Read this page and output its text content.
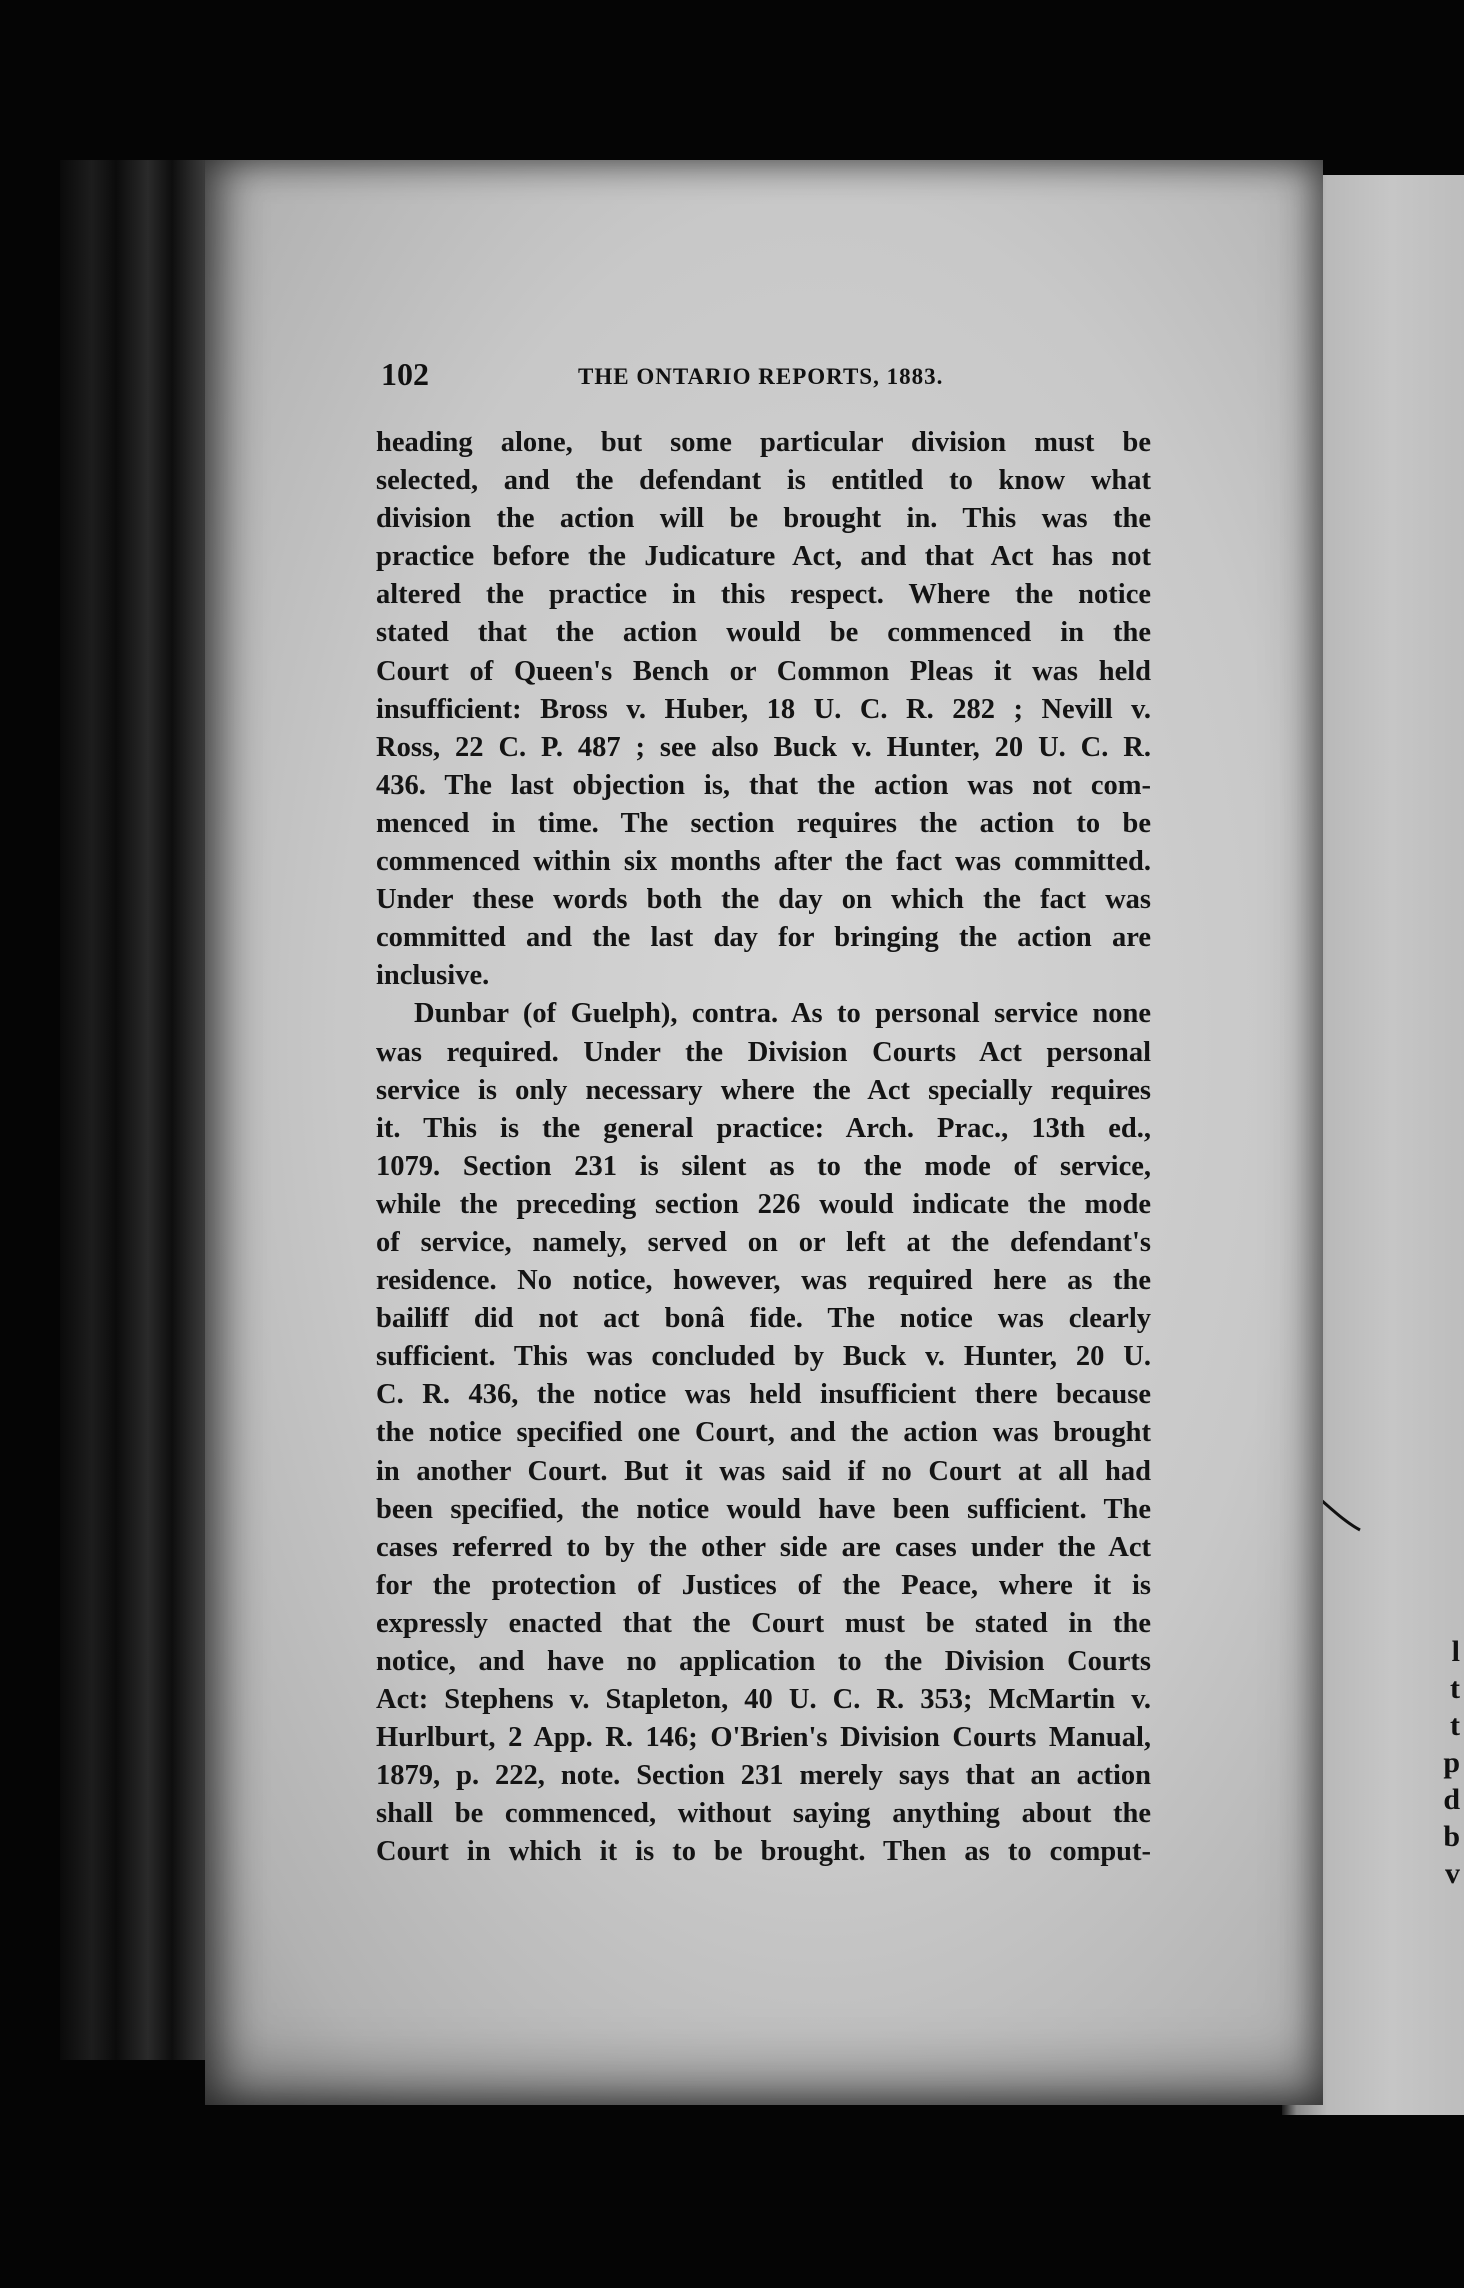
l
t
t
p
d
b
v
102	THE ONTARIO REPORTS, 1883.
heading alone, but some particular division must be
selected, and the defendant is entitled to know what
division the action will be brought in. This was the
practice before the Judicature Act, and that Act has not
altered the practice in this respect. Where the notice
stated that the action would be commenced in the
Court of Queen's Bench or Common Pleas it was held
insufficient: Bross v. Huber, 18 U. C. R. 282 ; Nevill v.
Ross, 22 C. P. 487 ; see also Buck v. Hunter, 20 U. C. R.
436. The last objection is, that the action was not com-
menced in time. The section requires the action to be
commenced within six months after the fact was committed.
Under these words both the day on which the fact was
committed and the last day for bringing the action are
inclusive.
Dunbar (of Guelph), contra. As to personal service none
was required. Under the Division Courts Act personal
service is only necessary where the Act specially requires
it. This is the general practice: Arch. Prac., 13th ed.,
1079. Section 231 is silent as to the mode of service,
while the preceding section 226 would indicate the mode
of service, namely, served on or left at the defendant's
residence. No notice, however, was required here as the
bailiff did not act bonâ fide. The notice was clearly
sufficient. This was concluded by Buck v. Hunter, 20 U.
C. R. 436, the notice was held insufficient there because
the notice specified one Court, and the action was brought
in another Court. But it was said if no Court at all had
been specified, the notice would have been sufficient. The
cases referred to by the other side are cases under the Act
for the protection of Justices of the Peace, where it is
expressly enacted that the Court must be stated in the
notice, and have no application to the Division Courts
Act: Stephens v. Stapleton, 40 U. C. R. 353; McMartin v.
Hurlburt, 2 App. R. 146; O'Brien's Division Courts Manual,
1879, p. 222, note. Section 231 merely says that an action
shall be commenced, without saying anything about the
Court in which it is to be brought. Then as to comput-
